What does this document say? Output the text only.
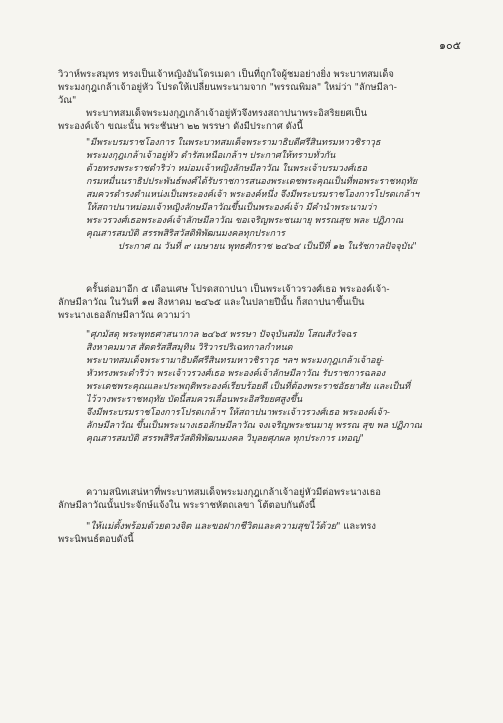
๑๐๕
วิวาห์พระสมุทร ทรงเป็นเจ้าหญิงอันโดรเมดา เป็นที่ถูกใจผู้ชมอย่างยิ่ง พระบาทสมเด็จ
พระมงกุฎเกล้าเจ้าอยู่หัว โปรดให้เปลี่ยนพระนามจาก "พรรณพิมล" ใหม่ว่า "ลักษมีลา-
วัณ"
พระบาทสมเด็จพระมงกุฎเกล้าเจ้าอยู่หัวจึงทรงสถาปนาพระอิสริยยศเป็น
พระองค์เจ้า ขณะนั้น พระชันษา ๒๒ พรรษา ดังมีประกาศ ดังนี้
"มีพระบรมราชโองการ ในพระบาทสมเด็จพระรามาธิบดีศรีสินทรมหาวชิราวุธ
พระมงกุฎเกล้าเจ้าอยู่หัว ดำรัสเหนือเกล้าฯ ประกาศให้ทราบทั่วกัน
ด้วยทรงพระราชดำริว่า หม่อมเจ้าหญิงลักษมีลาวัณ ในพระเจ้าบรมวงศ์เธอ
กรมหมื่นนราธิปประพันธ์พงศ์ได้รับราชการสนองพระเดชพระคุณเป็นที่พอพระราชหฤทัย
สมควรดำรงตำแหน่งเป็นพระองค์เจ้า พระองค์หนึ่ง จึงมีพระบรมราชโองการโปรดเกล้าฯ
ให้สถาปนาหม่อมเจ้าหญิงลักษมีลาวัณขึ้นเป็นพระองค์เจ้า มีคำนำพระนามว่า
พระวรวงศ์เธอพระองค์เจ้าลักษมีลาวัณ ขอเจริญพระชนมายุ พรรณสุข พละ ปฏิภาณ
คุณสารสมบัติ สรรพสิริสวัสดิพิพัฒนมงคลทุกประการ
ประกาศ ณ วันที่ ๙ เมษายน พุทธศักราช ๒๔๖๔ เป็นปีที่ ๑๒ ในรัชกาลปัจจุบัน"
ครั้นต่อมาอีก ๕ เดือนเศษ โปรดสถาปนา เป็นพระเจ้าวรวงศ์เธอ พระองค์เจ้า-
ลักษมีลาวัณ ในวันที่ ๑๗ สิงหาคม ๒๔๖๕ และในปลายปีนั้น ก็สถาปนาขึ้นเป็น
พระนางเธอลักษมีลาวัณ ความว่า
"ศุภมัสดุ พระพุทธศาสนากาล ๒๔๖๕ พรรษา ปัจจุบันสมัย โสณสังวัจฉร
สิงหาคมมาส สัตตรัสสีสมุทิน วิริวารปริเฉทกาลกำหนด
พระบาทสมเด็จพระรามาธิบดีศรีสินทรมหาวชิราวุธ ฯลฯ พระมงกุฎเกล้าเจ้าอยู่-
หัวทรงพระดำริว่า พระเจ้าวรวงศ์เธอ พระองค์เจ้าลักษมีลาวัณ รับราชการฉลอง
พระเดชพระคุณและประพฤติพระองค์เรียบร้อยดี เป็นที่ต้องพระราชอัธยาศัย และเป็นที่
ไว้วางพระราชหฤทัย บัดนี้สมควรเลื่อนพระอิสริยยศสูงขึ้น
จึงมีพระบรมราชโองการโปรดเกล้าฯ ให้สถาปนาพระเจ้าวรวงศ์เธอ พระองค์เจ้า-
ลักษมีลาวัณ ขึ้นเป็นพระนางเธอลักษมีลาวัณ จงเจริญพระชนมายุ พรรณ สุข พล ปฏิภาณ
คุณสารสมบัติ สรรพสิริสวัสดิพิพัฒนมงคล วิบุลยศุภผล ทุกประการ เทอญ"
ความสนิทเสน่หาที่พระบาทสมเด็จพระมงกุฎเกล้าเจ้าอยู่หัวมีต่อพระนางเธอ
ลักษมีลาวัณนั้นประจักษ์แจ้งใน พระราชหัตถเลขา โต้ตอบกันดังนี้
"ให้แม่ตั้งพร้อมด้วยดวงจิต และขอฝากชีวิตและความสุขไว้ด้วย" และทรง
พระนิพนธ์ตอบดังนี้
